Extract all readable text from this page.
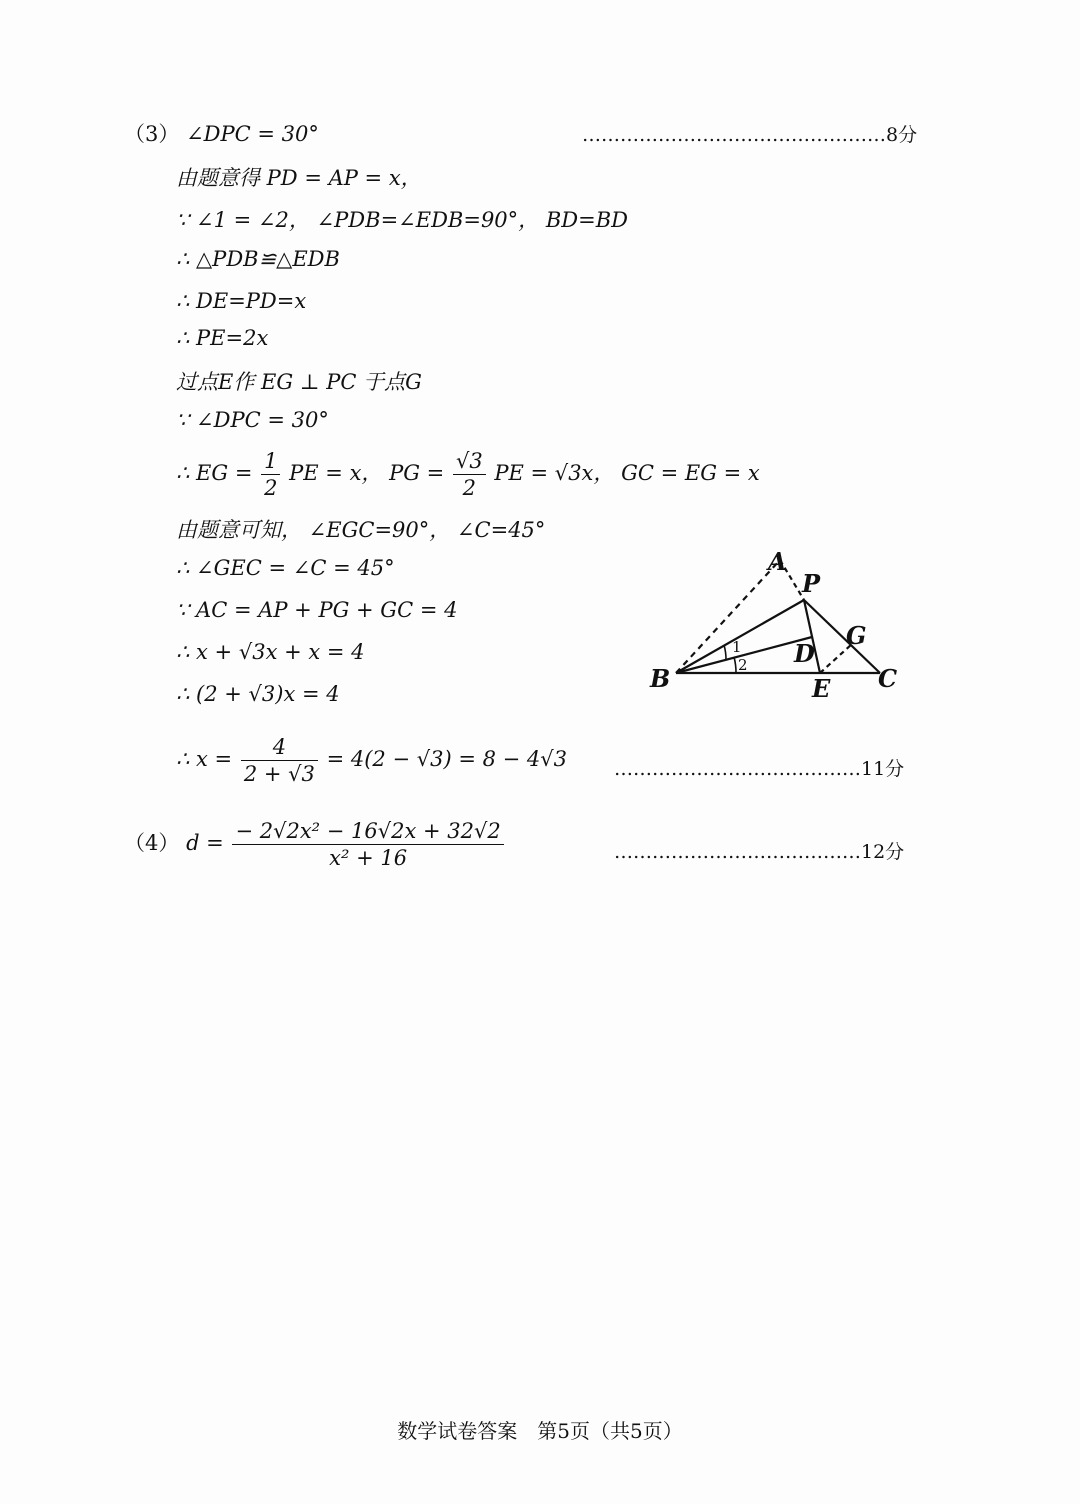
（3） ∠DPC = 30°	…………………………………………8分
由题意得 PD = AP = x，
∵ ∠1 = ∠2， ∠PDB=∠EDB=90°， BD=BD
∴ △PDB≌△EDB
∴ DE=PD=x
∴ PE=2x
过点E作 EG ⊥ PC 于点G
∵ ∠DPC = 30°
∴ EG = $\frac{1}{2}$ PE = x， PG = $\frac{√3}{2}$ PE = √3x， GC = EG = x
由题意可知， ∠EGC=90°， ∠C=45°
∴ ∠GEC = ∠C = 45°
∵ AC = AP + PG + GC = 4
∴ x + √3x + x = 4
∴ (2 + √3)x = 4
∴ $x = \frac{4}{2 + √3} = 4(2 - √3) = 8 - 4√3$ …………………………………11分
（4） $d = \frac{\text{− 2√2x² − 16√2x + 32√2}}{\text{x² + 16}}$	…………………………………12分
A
P
G
D
B	E C
1
2
数学试卷答案　第5页（共5页）
